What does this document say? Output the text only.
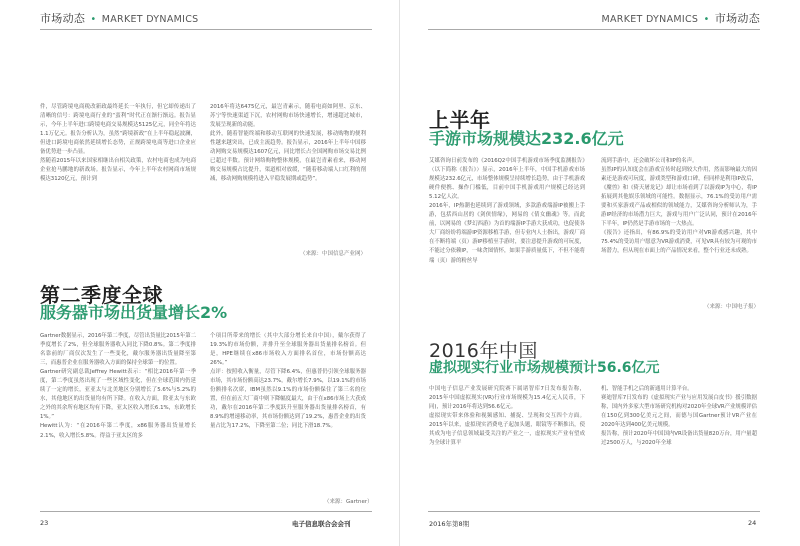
市场动态 • MARKET DYNAMICS
件，尽管跨境电商税改新政最终延长一年执行，但它却传递出了清晰的信号：跨境电商行业的“蛮利”时代正在渐行渐远。报告显示，今年上半年进口跨境电商交易规模达5125亿元，同全年将达1.1万亿元。报告分析认为，虽然“跨境新政”在上半年稳起波澜，但进口跨境电商依然延续增长态势，正规跨境电商等进口企业应备优势进一步凸显。
然随着2015年以来国家相继出台相关政策，农村电商也成为电商企业抢马鹏地的新战场。报告显示，今年上半年农村网商市场规模达3120亿元，预计到
2016年将达6475亿元，最岂青素示，随着电商如阿里、京东、苏宁等快速渠道下沉，农村网购市场快速增长，增速超过城市，发展呈现新的动能。
此外，随着智能终端和移动互联网的快速发展，移动购物的便利性越来越突出，已成主流趋势。报告显示，2016年上半年中国移动网购交易规模达1607亿元，同比增长占全国网购市场交易比例已超过半数。预计网络购物整体规模，在最岂青素看来，移动网购交易规模占比提升，渠道相对放缓，“随着移动端人口红利的削减，移动网购规模将进入平稳发展期或趋势”。
（来源：中国信息产业网）
第二季度全球
服务器市场出货量增长2%
Gartner数据显示，2016年第二季度，尽管出货量比2015年第二季度增长了2%，但全球服务器收入同比下降0.8%。第二季度排名靠前的厂商仅次发生了一些变化，戴尔服务器出货量降至第三，而惠普企业在服务器收入方面的保持全球第一的位置。
Gartner研究副总裁Jeffrey Hewitt表示：“相比2016年第一季度，第二季度虽然出现了一些区域性变化，但在全球范围内仍延续了一定的增长，亚亚太与北美地区分别增长了5.6%与5.2%的水，其他地区的出货量均有所下降。在收入方面，除亚太与东欧之外的其余所有地区均有下降，亚太区收入增长6.1%，东欧增长1%。”
Hewitt认为：“在2016年第二季度，x86服务器出货量增长2.1%，收入增长5.8%。得益于亚太区的多
个项目所带来的增长（其中大部分增长来自中国），戴尔获得了19.3%的市场份额，并排升至全球服务器出货量排名榜首。但是，HPE继续在x86市场收入方面排名首位，市场份额高达26%。”
点评：按照收入衡量，尽管下降6.4%，但惠普仍引领全球服务器市场，其市场份额高达23.7%，戴尔增长7.9%，以19.1%的市场份额排名次席，IBM虽然以9.1%的市场份额保住了第三名的位置，但在前五大厂商中则下降幅度最大，由于在x86市场上大获成功，戴尔在2016年第二季度跃升至服务器出货量排名榜首，有8.9%的增速移动率，其市场份额达到了19.2%，惠普企业的出货量占比为17.2%，下降至第二位；同比下滑18.7%。
（来源：Gartner）
23	电子信息联合会会刊
MARKET DYNAMICS • 市场动态
上半年
手游市场规模达232.6亿元
艾媒咨询日前发布的《2016Q2中国手机游戏市场季度监测报告》（以下简称《报告》）显示，2016年上半年，中国手机游戏市场规模达232.6亿元，市场整体规模呈持续增长趋势，由于手机游戏硬件便携、操作门槛低，目前中国手机游戏用户规模已经达到5.12亿人次。
2016年，IP热潮也延续到了游戏领域，多款游戏端游IP被搬上手游，包括西山居的《剑侠情缘》，网易的《倩女幽魂》等。而此前，以网易的《梦幻西游》为首的端游IP手游大获成功，也促使各大厂商纷纷将端游IP资源移植手游，但专业内人士指出，游戏厂商在不断将端（页）游IP移植至手游时，要注意提升游戏的可玩度，不能过分依赖IP，一味贪图情怀，如果手游质量低下，不但不能将端（页）游的粉丝导
流到手游中，还会破坏公司和IP的名声。
虽然IP的认知度会在游戏宣传时起到较大作用，然而影响最大的因素还是游戏可玩度，游戏类型和游戏口碑，但同样是利用IP改后，《魔兽》和《倚天屠龙记》却让市场看到了以游戏IP为中心，将IP拓展到其他娱乐领域的可能性。数据显示，76.1%的受访用户需要和买家游戏产品或相似的领域能力，艾媒咨询分析师认为，手游IP经济的市场潜力巨大，游戏与用户广泛认同，预计在2016年下半年，IP仍然是手游市场的一大热点。
《报告》还指出，有86.9%的受访用户对VR游戏感兴趣，其中75.4%的受访用户愿意为VR游戏消费，可见VR具有较为可观的市场潜力，但从现在市面上的产品情况来看，整个行业还未成熟。
（来源：中国电子报）
2016年中国
虚拟现实行业市场规模预计56.6亿元
中国电子信息产业发展研究院赛下属诸智库7日发布报告称，2015年中国虚拟现实(VR)行业市场规模为15.4亿元人民币，下同)，预计2016年将达到56.6亿元。
虚拟现实带来体验和视频感知、捕捉、呈现和交互四个方面。2015年以来，虚拟现实消费电子起加头题，眼镜等不断推出，使其成为电子信息领域最受关注的产业之一，虚拟现实产业有望成为全球计算平
机、智能手机之后的新通用计算平台。
赛迪智库7日发布的《虚拟现实产业与应用发展白皮书》援引数据称，国内外多家大型市场研究机构对2020年全球VR产业规模评估在150亿到300亿美元之间，而德与国Gartner预计VR产业在2020年达到400亿美元规模。
报告称，预计2020年中国国内VR设备出货量820万台，用户量超过2500万人，与2020年全球
2016年第8期	24
